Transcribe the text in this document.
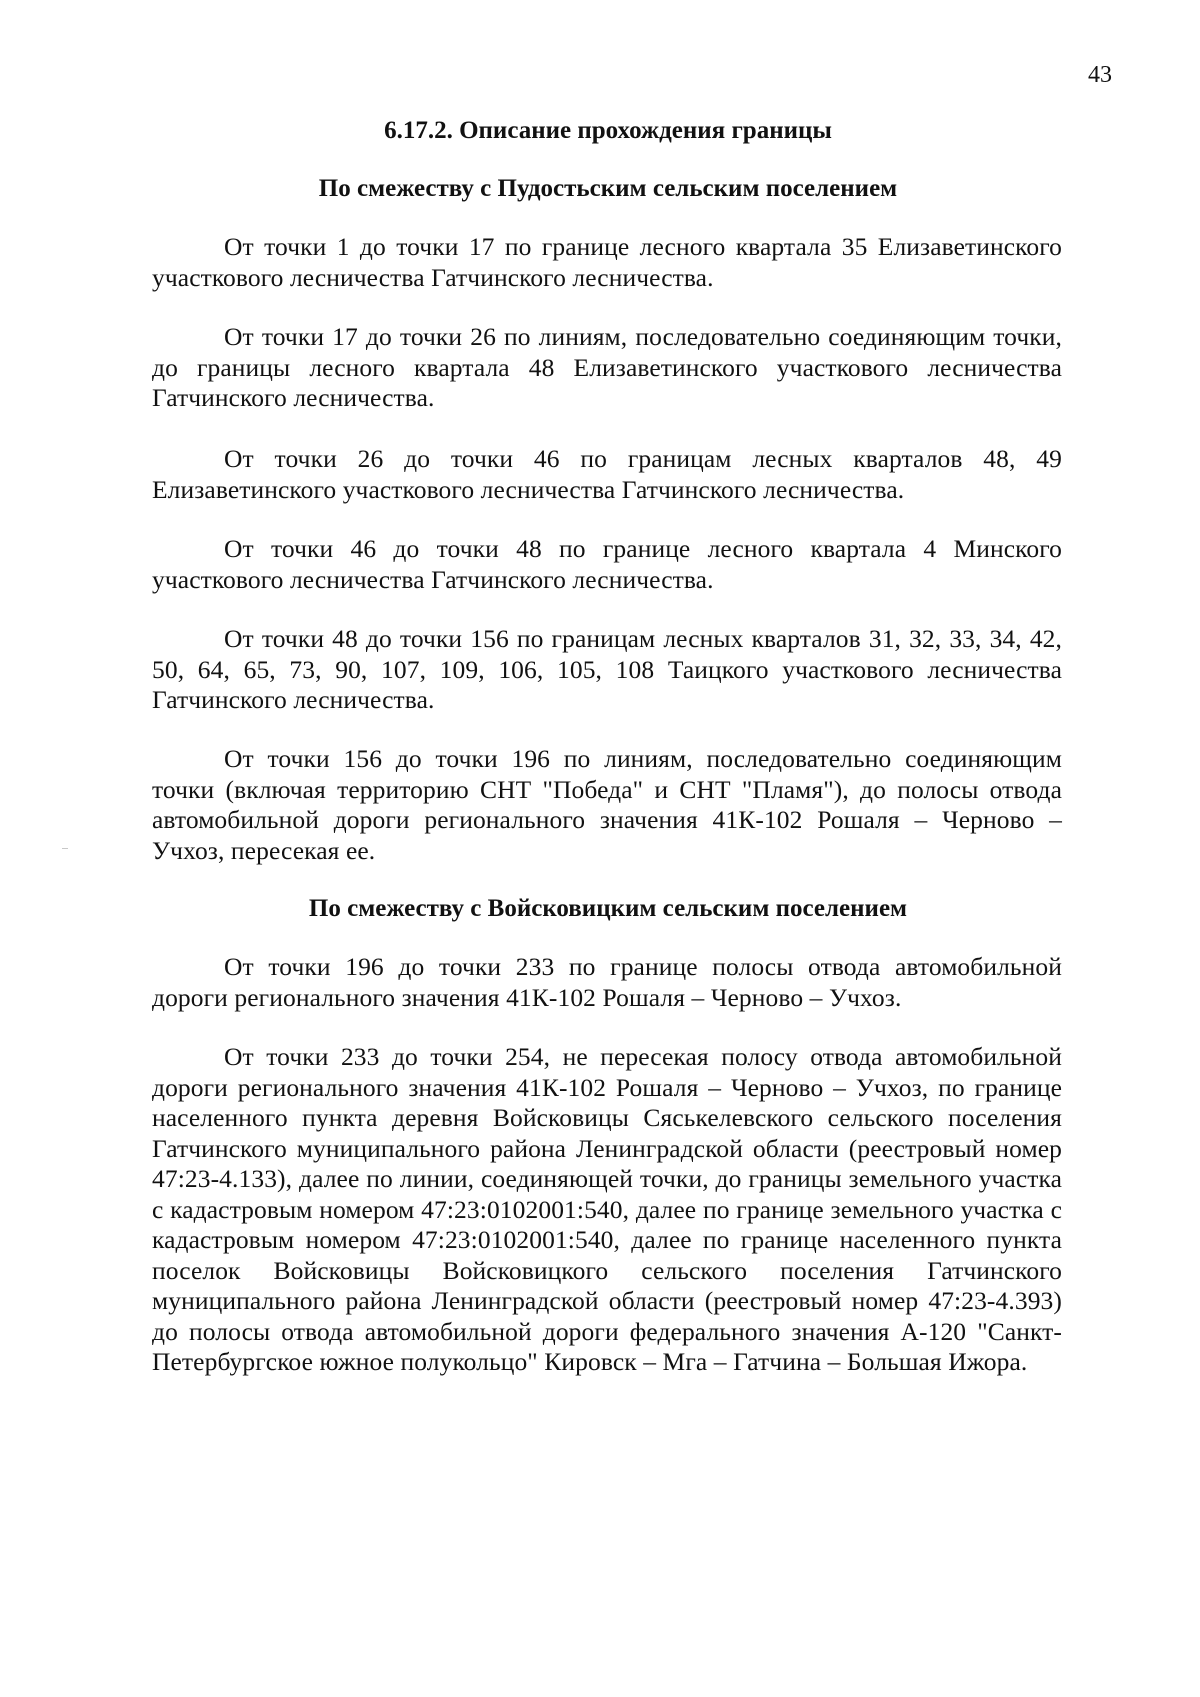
43
6.17.2. Описание прохождения границы
По смежеству с Пудостьским сельским поселением
От точки 1 до точки 17 по границе лесного квартала 35 Елизаветинского участкового лесничества Гатчинского лесничества.
От точки 17 до точки 26 по линиям, последовательно соединяющим точки, до границы лесного квартала 48 Елизаветинского участкового лесничества Гатчинского лесничества.
От точки 26 до точки 46 по границам лесных кварталов 48, 49 Елизаветинского участкового лесничества Гатчинского лесничества.
От точки 46 до точки 48 по границе лесного квартала 4 Минского участкового лесничества Гатчинского лесничества.
От точки 48 до точки 156 по границам лесных кварталов 31, 32, 33, 34, 42, 50, 64, 65, 73, 90, 107, 109, 106, 105, 108 Таицкого участкового лесничества Гатчинского лесничества.
От точки 156 до точки 196 по линиям, последовательно соединяющим точки (включая территорию СНТ "Победа" и СНТ "Пламя"), до полосы отвода автомобильной дороги регионального значения 41К-102 Рошаля – Черново – Учхоз, пересекая ее.
По смежеству с Войсковицким сельским поселением
От точки 196 до точки 233 по границе полосы отвода автомобильной дороги регионального значения 41К-102 Рошаля – Черново – Учхоз.
От точки 233 до точки 254, не пересекая полосу отвода автомобильной дороги регионального значения 41К-102 Рошаля – Черново – Учхоз, по границе населенного пункта деревня Войсковицы Сяськелевского сельского поселения Гатчинского муниципального района Ленинградской области (реестровый номер 47:23-4.133), далее по линии, соединяющей точки, до границы земельного участка с кадастровым номером 47:23:0102001:540, далее по границе земельного участка с кадастровым номером 47:23:0102001:540, далее по границе населенного пункта поселок Войсковицы Войсковицкого сельского поселения Гатчинского муниципального района Ленинградской области (реестровый номер 47:23-4.393) до полосы отвода автомобильной дороги федерального значения А-120 "Санкт-Петербургское южное полукольцо" Кировск – Мга – Гатчина – Большая Ижора.
